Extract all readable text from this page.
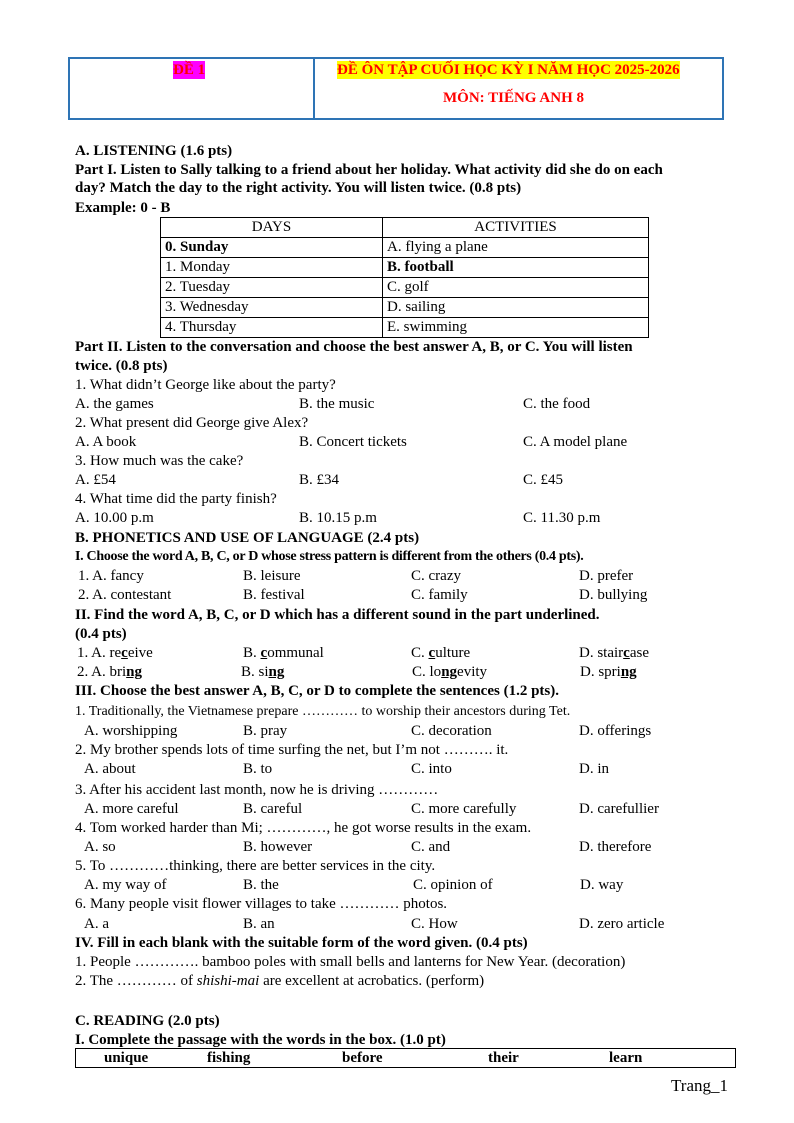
ĐỀ 1	ĐỀ ÔN TẬP CUỐI HỌC KỲ I NĂM HỌC 2025-2026
MÔN: TIẾNG ANH 8
A. LISTENING (1.6 pts)
Part I. Listen to Sally talking to a friend about her holiday. What activity did she do on each
day? Match the day to the right activity. You will listen twice. (0.8 pts)
Example: 0 - B
DAYS	ACTIVITIES
0. Sunday	A. flying a plane
1. Monday	B. football
2. Tuesday	C. golf
3. Wednesday	D. sailing
4. Thursday	E. swimming
Part II. Listen to the conversation and choose the best answer A, B, or C. You will listen
twice. (0.8 pts)
1. What didn’t George like about the party?
A. the games	B. the music	C. the food
2. What present did George give Alex?
A. A book	B. Concert tickets	C. A model plane
3. How much was the cake?
A. £54	B. £34	C. £45
4. What time did the party finish?
A. 10.00 p.m	B. 10.15 p.m	C. 11.30 p.m
B. PHONETICS AND USE OF LANGUAGE (2.4 pts)
I. Choose the word A, B, C, or D whose stress pattern is different from the others (0.4 pts).
1. A. fancy	B. leisure	C. crazy	D. prefer
2. A. contestant	B. festival	C. family	D. bullying
II. Find the word A, B, C, or D which has a different sound in the part underlined.
(0.4 pts)
1. A. receive	B. communal	C. culture	D. staircase
2. A. bring	B. sing	C. longevity	D. spring
III. Choose the best answer A, B, C, or D to complete the sentences (1.2 pts).
1. Traditionally, the Vietnamese prepare ………… to worship their ancestors during Tet.
A. worshipping	B. pray	C. decoration	D. offerings
2. My brother spends lots of time surfing the net, but I’m not ………. it.
A. about	B. to	C. into	D. in
3. After his accident last month, now he is driving …………
A. more careful	B. careful	C. more carefully	D. carefullier
4. Tom worked harder than Mi; …………, he got worse results in the exam.
A. so	B. however	C. and	D. therefore
5. To …………thinking, there are better services in the city.
A. my way of	B. the	C. opinion of	D. way
6. Many people visit flower villages to take ………… photos.
A. a	B. an	C. How	D. zero article
IV. Fill in each blank with the suitable form of the word given. (0.4 pts)
1. People …………. bamboo poles with small bells and lanterns for New Year. (decoration)
2. The ………… of shishi-mai are excellent at acrobatics. (perform)
C. READING (2.0 pts)
I. Complete the passage with the words in the box. (1.0 pt)
unique	fishing	before	their	learn
Trang_1
